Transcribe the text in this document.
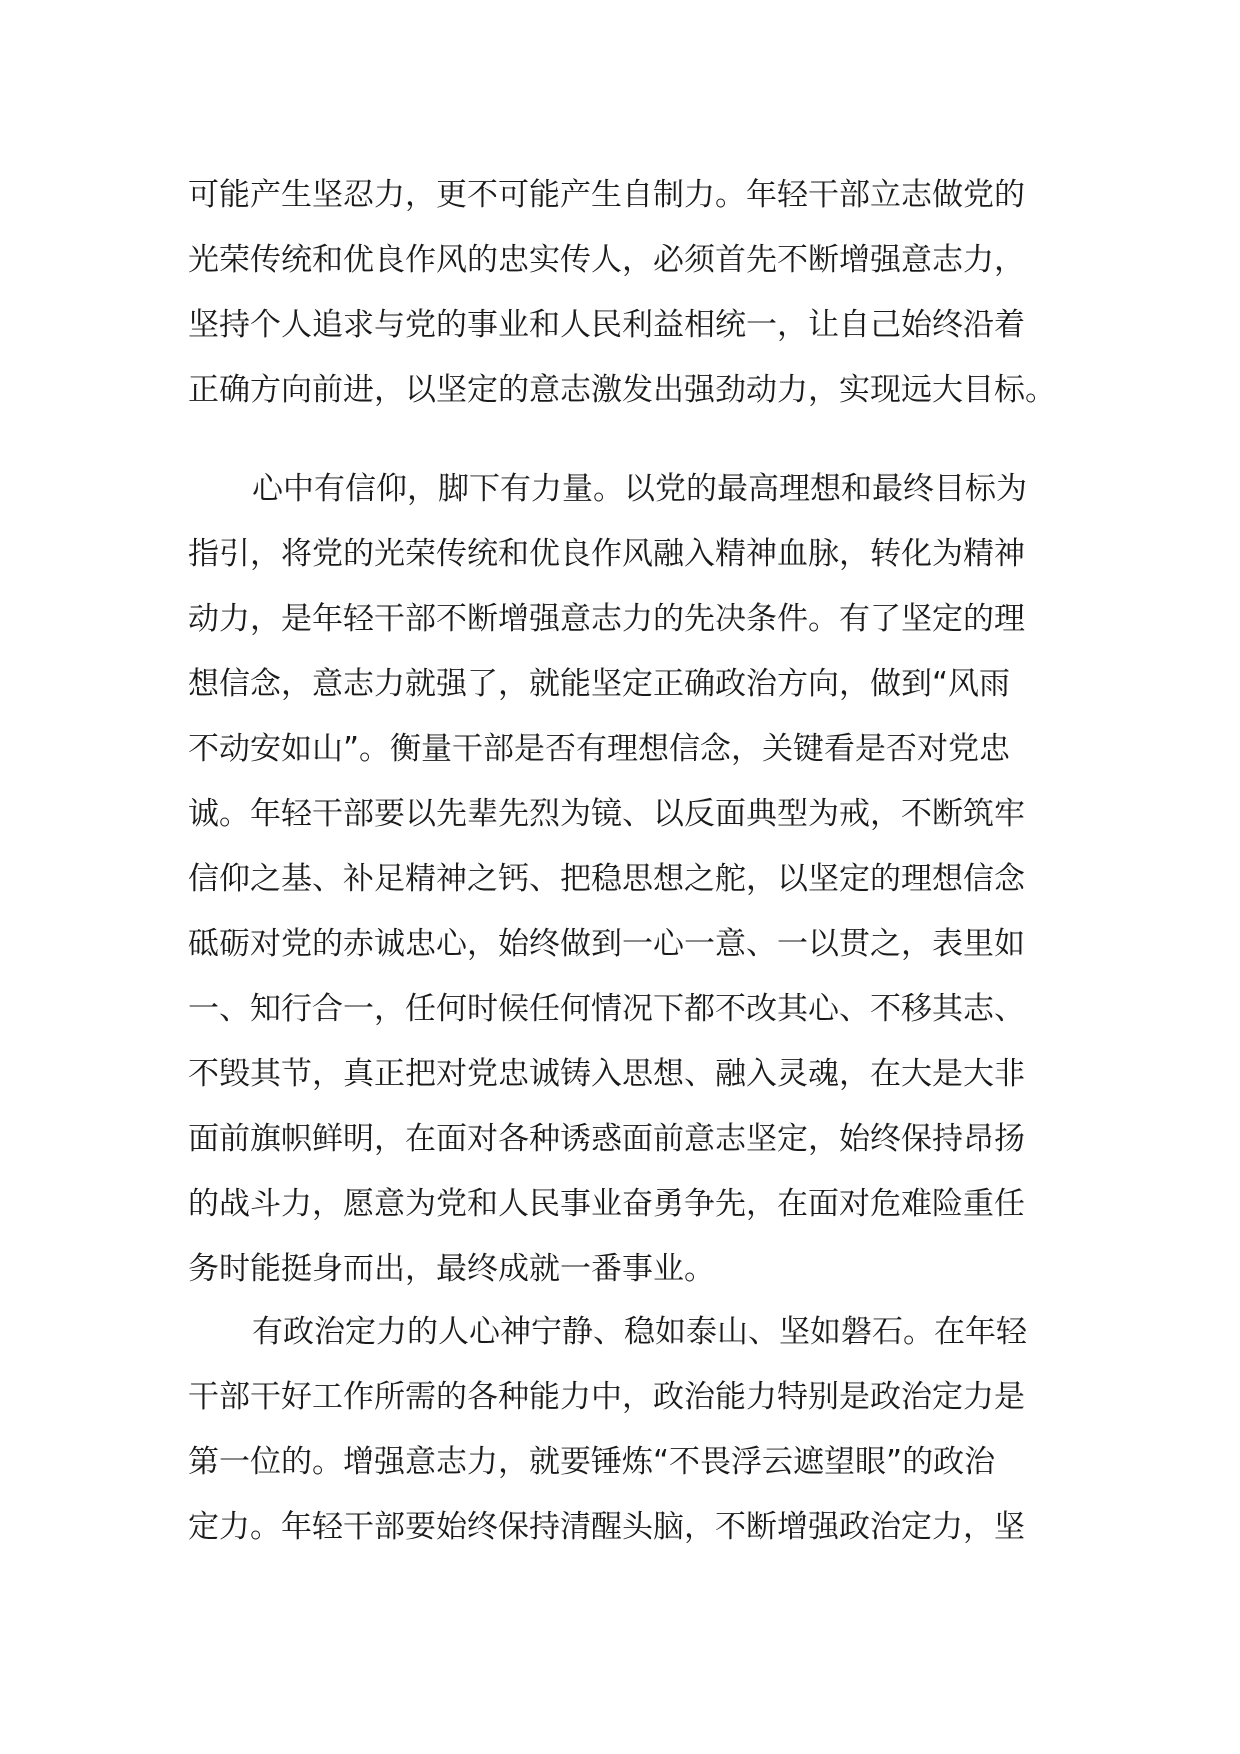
可能产生坚忍力，更不可能产生自制力。年轻干部立志做党的
光荣传统和优良作风的忠实传人，必须首先不断增强意志力，
坚持个人追求与党的事业和人民利益相统一，让自己始终沿着
正确方向前进，以坚定的意志激发出强劲动力，实现远大目标。
心中有信仰，脚下有力量。以党的最高理想和最终目标为
指引，将党的光荣传统和优良作风融入精神血脉，转化为精神
动力，是年轻干部不断增强意志力的先决条件。有了坚定的理
想信念，意志力就强了，就能坚定正确政治方向，做到“风雨
不动安如山”。衡量干部是否有理想信念，关键看是否对党忠
诚。年轻干部要以先辈先烈为镜、以反面典型为戒，不断筑牢
信仰之基、补足精神之钙、把稳思想之舵，以坚定的理想信念
砥砺对党的赤诚忠心，始终做到一心一意、一以贯之，表里如
一、知行合一，任何时候任何情况下都不改其心、不移其志、
不毁其节，真正把对党忠诚铸入思想、融入灵魂，在大是大非
面前旗帜鲜明，在面对各种诱惑面前意志坚定，始终保持昂扬
的战斗力，愿意为党和人民事业奋勇争先，在面对危难险重任
务时能挺身而出，最终成就一番事业。
有政治定力的人心神宁静、稳如泰山、坚如磐石。在年轻
干部干好工作所需的各种能力中，政治能力特别是政治定力是
第一位的。增强意志力，就要锤炼“不畏浮云遮望眼”的政治
定力。年轻干部要始终保持清醒头脑，不断增强政治定力，坚
